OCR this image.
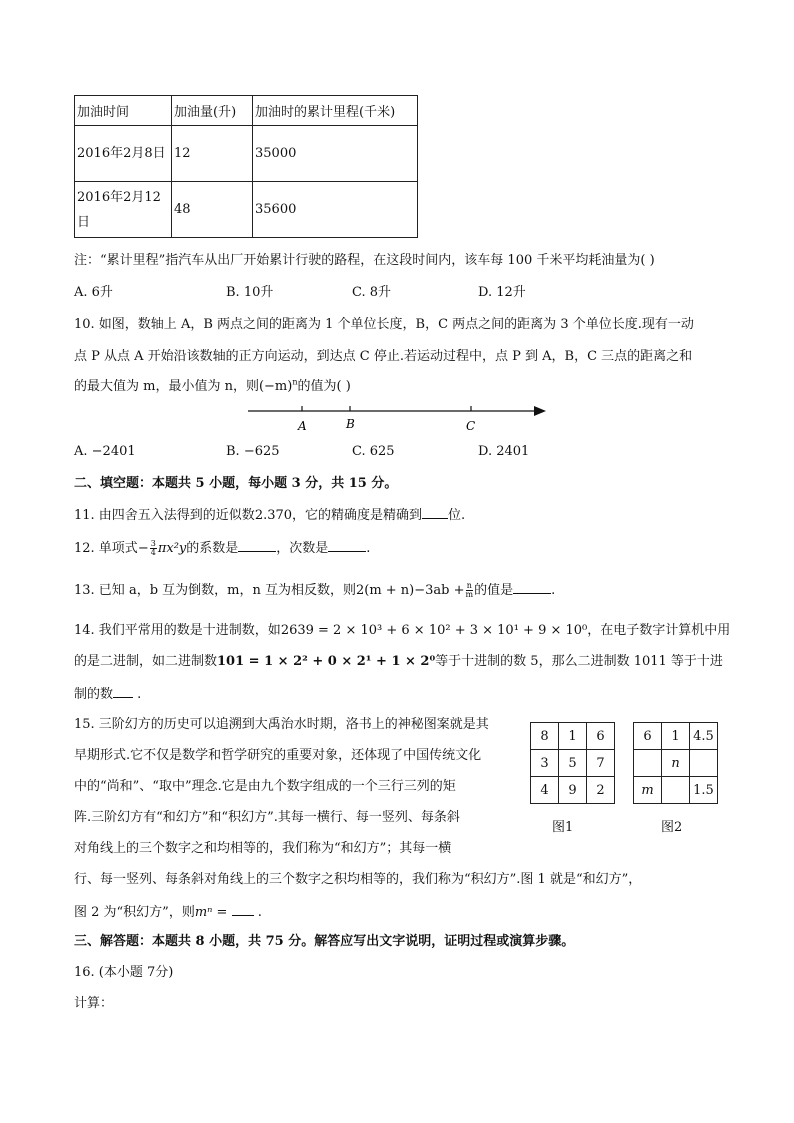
加油时间	加油量(升)	加油时的累计里程(千米)
2016年2月8日	12	35000
2016年2月12日	48	35600
注：“累计里程”指汽车从出厂开始累计行驶的路程，在这段时间内，该车每 100 千米平均耗油量为( )
A. 6升	B. 10升	C. 8升	D. 12升
10. 如图，数轴上 A，B 两点之间的距离为 1 个单位长度，B，C 两点之间的距离为 3 个单位长度.现有一动
点 P 从点 A 开始沿该数轴的正方向运动，到达点 C 停止.若运动过程中，点 P 到 A，B，C 三点的距离之和
的最大值为 m，最小值为 n，则$(-m)^n$的值为( )
A	B	C
A. −2401	B. −625	C. 625	D. 2401
二、填空题：本题共 5 小题，每小题 3 分，共 15 分。
11. 由四舍五入法得到的近似数2.370，它的精确度是精确到 位.
12. 单项式− $\frac{3}{4} \pi x^2y$的系数是	，次数是	.
13. 已知 a，b 互为倒数，m，n 互为相反数，则$2(m + n)-3ab + \frac{n}{m}$ 的值是	.
14. 我们平常用的数是十进制数，如2639 = 2 × 10³ + 6 × 10² + 3 × 10¹ + 9 × 10⁰，在电子数字计算机中用
的是二进制，如二进制数101 = 1 × 2² + 0 × 2¹ + 1 × 2⁰等于十进制的数 5，那么二进制数 1011 等于十进
制的数 .
15. 三阶幻方的历史可以追溯到大禹治水时期，洛书上的神秘图案就是其
早期形式.它不仅是数学和哲学研究的重要对象，还体现了中国传统文化
中的“尚和”、“取中”理念.它是由九个数字组成的一个三行三列的矩
阵.三阶幻方有“和幻方”和“积幻方”.其每一横行、每一竖列、每条斜
对角线上的三个数字之和均相等的，我们称为“和幻方”；其每一横
行、每一竖列、每条斜对角线上的三个数字之积均相等的，我们称为“积幻方”.图 1 就是“和幻方”，
图 2 为“积幻方”，则mⁿ = .
8	1	6
3	5	7
4	9	2
图1
6	1	4.5
	n	
m		1.5
图2
三、解答题：本题共 8 小题，共 75 分。解答应写出文字说明，证明过程或演算步骤。
16. (本小题 7分)
计算：
